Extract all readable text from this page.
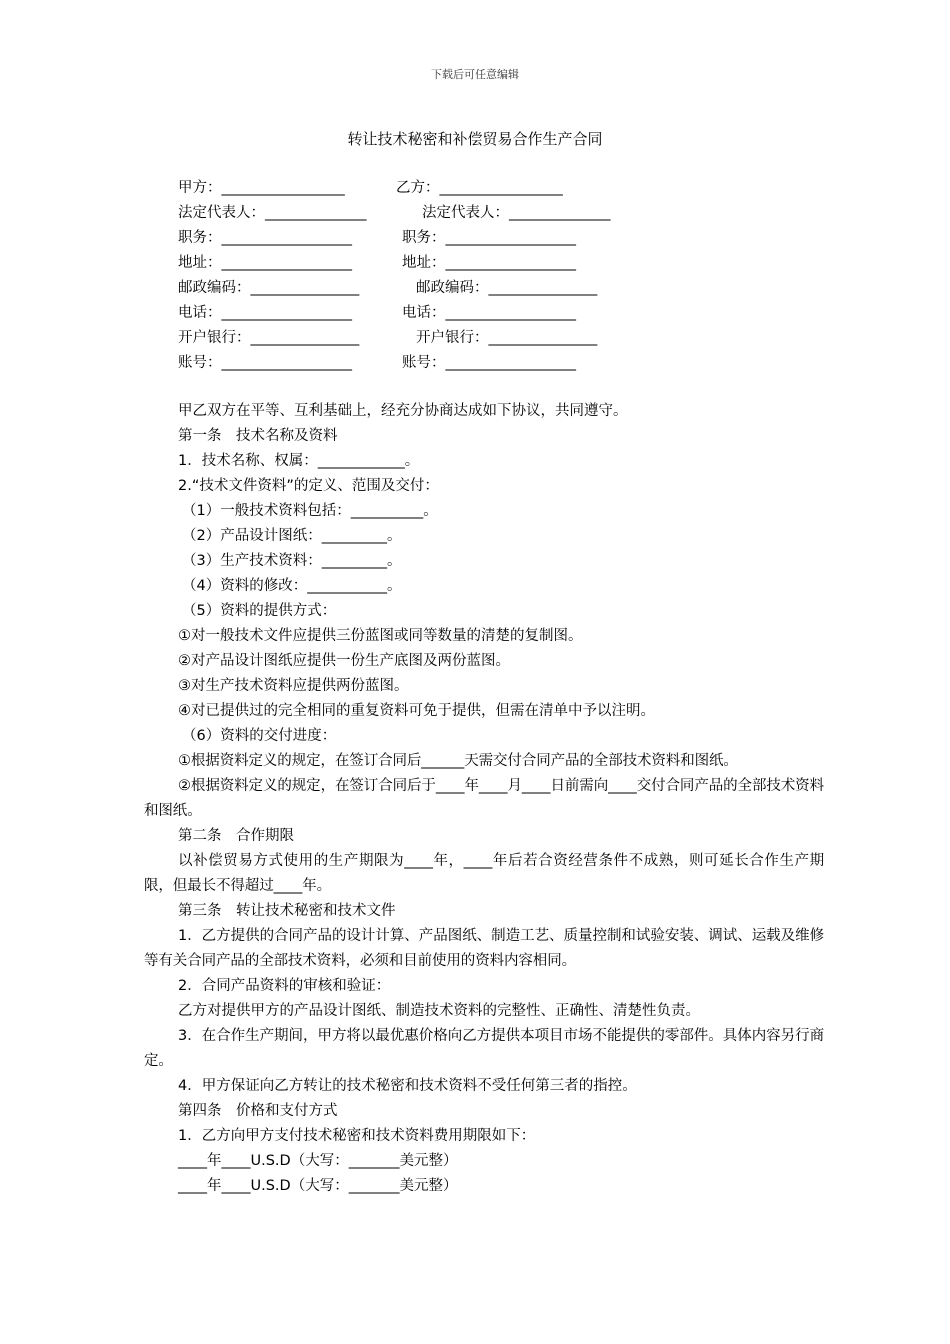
下载后可任意编辑
转让技术秘密和补偿贸易合作生产合同
甲方：_________________	乙方：_________________
法定代表人：______________	法定代表人：______________
职务：__________________	职务：__________________
地址：__________________	地址：__________________
邮政编码：_______________	邮政编码：_______________
电话：__________________	电话：__________________
开户银行：_______________	开户银行：_______________
账号：__________________	账号：__________________
甲乙双方在平等、互利基础上，经充分协商达成如下协议，共同遵守。
第一条　技术名称及资料
1．技术名称、权属：____________。
2.“技术文件资料”的定义、范围及交付：
（1）一般技术资料包括：__________。
（2）产品设计图纸：_________。
（3）生产技术资料：_________。
（4）资料的修改：___________。
（5）资料的提供方式：
①对一般技术文件应提供三份蓝图或同等数量的清楚的复制图。
②对产品设计图纸应提供一份生产底图及两份蓝图。
③对生产技术资料应提供两份蓝图。
④对已提供过的完全相同的重复资料可免于提供，但需在清单中予以注明。
（6）资料的交付进度：
①根据资料定义的规定，在签订合同后______天需交付合同产品的全部技术资料和图纸。
②根据资料定义的规定，在签订合同后于____年____月____日前需向____交付合同产品的全部技术资料和图纸。
第二条　合作期限
以补偿贸易方式使用的生产期限为____年，____年后若合资经营条件不成熟，则可延长合作生产期限，但最长不得超过____年。
第三条　转让技术秘密和技术文件
1．乙方提供的合同产品的设计计算、产品图纸、制造工艺、质量控制和试验安装、调试、运载及维修等有关合同产品的全部技术资料，必须和目前使用的资料内容相同。
2．合同产品资料的审核和验证：
乙方对提供甲方的产品设计图纸、制造技术资料的完整性、正确性、清楚性负责。
3．在合作生产期间，甲方将以最优惠价格向乙方提供本项目市场不能提供的零部件。具体内容另行商定。
4．甲方保证向乙方转让的技术秘密和技术资料不受任何第三者的指控。
第四条　价格和支付方式
1．乙方向甲方支付技术秘密和技术资料费用期限如下：
____年____U.S.D（大写：_______美元整）
____年____U.S.D（大写：_______美元整）
